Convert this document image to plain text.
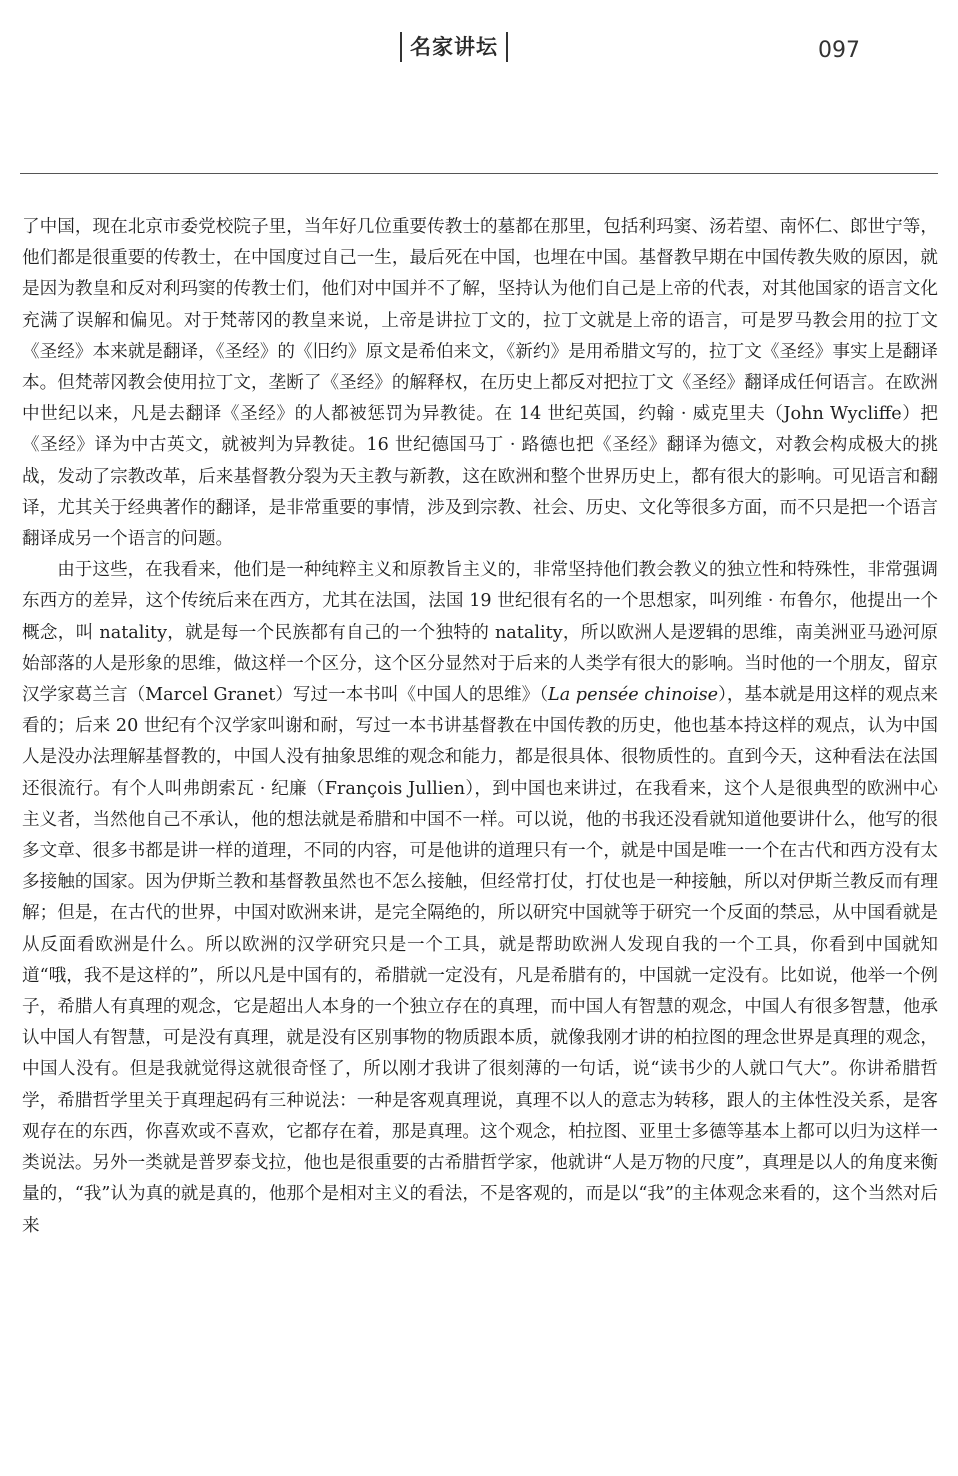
名家讲坛	097

了中国，现在北京市委党校院子里，当年好几位重要传教士的墓都在那里，包括利玛窦、汤若望、南怀仁、郎世宁等，他们都是很重要的传教士，在中国度过自己一生，最后死在中国，也埋在中国。基督教早期在中国传教失败的原因，就是因为教皇和反对利玛窦的传教士们，他们对中国并不了解，坚持认为他们自己是上帝的代表，对其他国家的语言文化充满了误解和偏见。对于梵蒂冈的教皇来说，上帝是讲拉丁文的，拉丁文就是上帝的语言，可是罗马教会用的拉丁文《圣经》本来就是翻译，《圣经》的《旧约》原文是希伯来文，《新约》是用希腊文写的，拉丁文《圣经》事实上是翻译本。但梵蒂冈教会使用拉丁文，垄断了《圣经》的解释权，在历史上都反对把拉丁文《圣经》翻译成任何语言。在欧洲中世纪以来，凡是去翻译《圣经》的人都被惩罚为异教徒。在 14 世纪英国，约翰 · 威克里夫（John Wycliffe）把《圣经》译为中古英文，就被判为异教徒。16 世纪德国马丁 · 路德也把《圣经》翻译为德文，对教会构成极大的挑战，发动了宗教改革，后来基督教分裂为天主教与新教，这在欧洲和整个世界历史上，都有很大的影响。可见语言和翻译，尤其关于经典著作的翻译，是非常重要的事情，涉及到宗教、社会、历史、文化等很多方面，而不只是把一个语言翻译成另一个语言的问题。

由于这些，在我看来，他们是一种纯粹主义和原教旨主义的，非常坚持他们教会教义的独立性和特殊性，非常强调东西方的差异，这个传统后来在西方，尤其在法国，法国 19 世纪很有名的一个思想家，叫列维 · 布鲁尔，他提出一个概念，叫 natality，就是每一个民族都有自己的一个独特的 natality，所以欧洲人是逻辑的思维，南美洲亚马逊河原始部落的人是形象的思维，做这样一个区分，这个区分显然对于后来的人类学有很大的影响。当时他的一个朋友，留京汉学家葛兰言（Marcel Granet）写过一本书叫《中国人的思维》（La pensée chinoise），基本就是用这样的观点来看的；后来 20 世纪有个汉学家叫谢和耐，写过一本书讲基督教在中国传教的历史，他也基本持这样的观点，认为中国人是没办法理解基督教的，中国人没有抽象思维的观念和能力，都是很具体、很物质性的。直到今天，这种看法在法国还很流行。有个人叫弗朗索瓦 · 纪廉（François Jullien），到中国也来讲过，在我看来，这个人是很典型的欧洲中心主义者，当然他自己不承认，他的想法就是希腊和中国不一样。可以说，他的书我还没看就知道他要讲什么，他写的很多文章、很多书都是讲一样的道理，不同的内容，可是他讲的道理只有一个，就是中国是唯一一个在古代和西方没有太多接触的国家。因为伊斯兰教和基督教虽然也不怎么接触，但经常打仗，打仗也是一种接触，所以对伊斯兰教反而有理解；但是，在古代的世界，中国对欧洲来讲，是完全隔绝的，所以研究中国就等于研究一个反面的禁忌，从中国看就是从反面看欧洲是什么。所以欧洲的汉学研究只是一个工具，就是帮助欧洲人发现自我的一个工具，你看到中国就知道“哦，我不是这样的”，所以凡是中国有的，希腊就一定没有，凡是希腊有的，中国就一定没有。比如说，他举一个例子，希腊人有真理的观念，它是超出人本身的一个独立存在的真理，而中国人有智慧的观念，中国人有很多智慧，他承认中国人有智慧，可是没有真理，就是没有区别事物的物质跟本质，就像我刚才讲的柏拉图的理念世界是真理的观念，中国人没有。但是我就觉得这就很奇怪了，所以刚才我讲了很刻薄的一句话，说“读书少的人就口气大”。你讲希腊哲学，希腊哲学里关于真理起码有三种说法：一种是客观真理说，真理不以人的意志为转移，跟人的主体性没关系，是客观存在的东西，你喜欢或不喜欢，它都存在着，那是真理。这个观念，柏拉图、亚里士多德等基本上都可以归为这样一类说法。另外一类就是普罗泰戈拉，他也是很重要的古希腊哲学家，他就讲“人是万物的尺度”，真理是以人的角度来衡量的，“我”认为真的就是真的，他那个是相对主义的看法，不是客观的，而是以“我”的主体观念来看的，这个当然对后来
